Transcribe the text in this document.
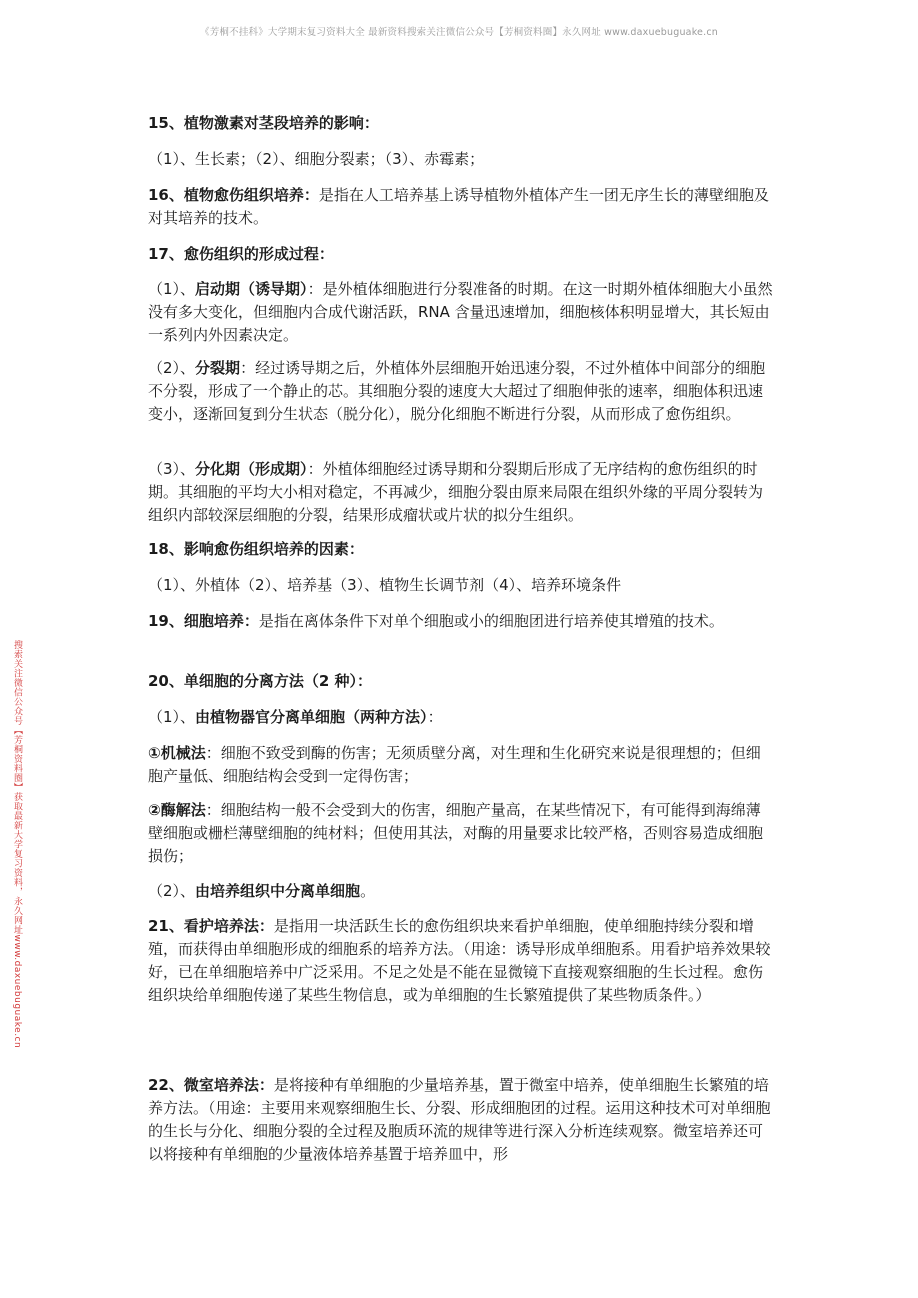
《芳桐不挂科》大学期末复习资料大全 最新资料搜索关注微信公众号【芳桐资料圈】永久网址 www.daxuebuguake.cn
搜索关注微信公众号【芳桐资料圈】获取最新大学复习资料，永久网址www.daxuebuguake.cn

15、植物激素对茎段培养的影响：

（1）、生长素；（2）、细胞分裂素；（3）、赤霉素；

16、植物愈伤组织培养：是指在人工培养基上诱导植物外植体产生一团无序生长的薄壁细胞及对其培养的技术。

17、愈伤组织的形成过程：

（1）、启动期（诱导期）：是外植体细胞进行分裂准备的时期。在这一时期外植体细胞大小虽然没有多大变化，但细胞内合成代谢活跃，RNA 含量迅速增加，细胞核体积明显增大，其长短由一系列内外因素决定。

（2）、分裂期：经过诱导期之后，外植体外层细胞开始迅速分裂，不过外植体中间部分的细胞不分裂，形成了一个静止的芯。其细胞分裂的速度大大超过了细胞伸张的速率，细胞体积迅速变小，逐渐回复到分生状态（脱分化），脱分化细胞不断进行分裂，从而形成了愈伤组织。

（3）、分化期（形成期）：外植体细胞经过诱导期和分裂期后形成了无序结构的愈伤组织的时期。其细胞的平均大小相对稳定，不再减少，细胞分裂由原来局限在组织外缘的平周分裂转为组织内部较深层细胞的分裂，结果形成瘤状或片状的拟分生组织。

18、影响愈伤组织培养的因素：

（1）、外植体（2）、培养基（3）、植物生长调节剂（4）、培养环境条件

19、细胞培养：是指在离体条件下对单个细胞或小的细胞团进行培养使其增殖的技术。

20、单细胞的分离方法（2 种）：

（1）、由植物器官分离单细胞（两种方法）：

①机械法：细胞不致受到酶的伤害；无须质壁分离，对生理和生化研究来说是很理想的；但细胞产量低、细胞结构会受到一定得伤害；

②酶解法：细胞结构一般不会受到大的伤害，细胞产量高，在某些情况下，有可能得到海绵薄壁细胞或栅栏薄壁细胞的纯材料；但使用其法，对酶的用量要求比较严格，否则容易造成细胞损伤；

（2）、由培养组织中分离单细胞。

21、看护培养法：是指用一块活跃生长的愈伤组织块来看护单细胞，使单细胞持续分裂和增殖，而获得由单细胞形成的细胞系的培养方法。（用途：诱导形成单细胞系。用看护培养效果较好，已在单细胞培养中广泛采用。不足之处是不能在显微镜下直接观察细胞的生长过程。愈伤组织块给单细胞传递了某些生物信息，或为单细胞的生长繁殖提供了某些物质条件。）

22、微室培养法：是将接种有单细胞的少量培养基，置于微室中培养，使单细胞生长繁殖的培养方法。（用途：主要用来观察细胞生长、分裂、形成细胞团的过程。运用这种技术可对单细胞的生长与分化、细胞分裂的全过程及胞质环流的规律等进行深入分析连续观察。微室培养还可以将接种有单细胞的少量液体培养基置于培养皿中，形
